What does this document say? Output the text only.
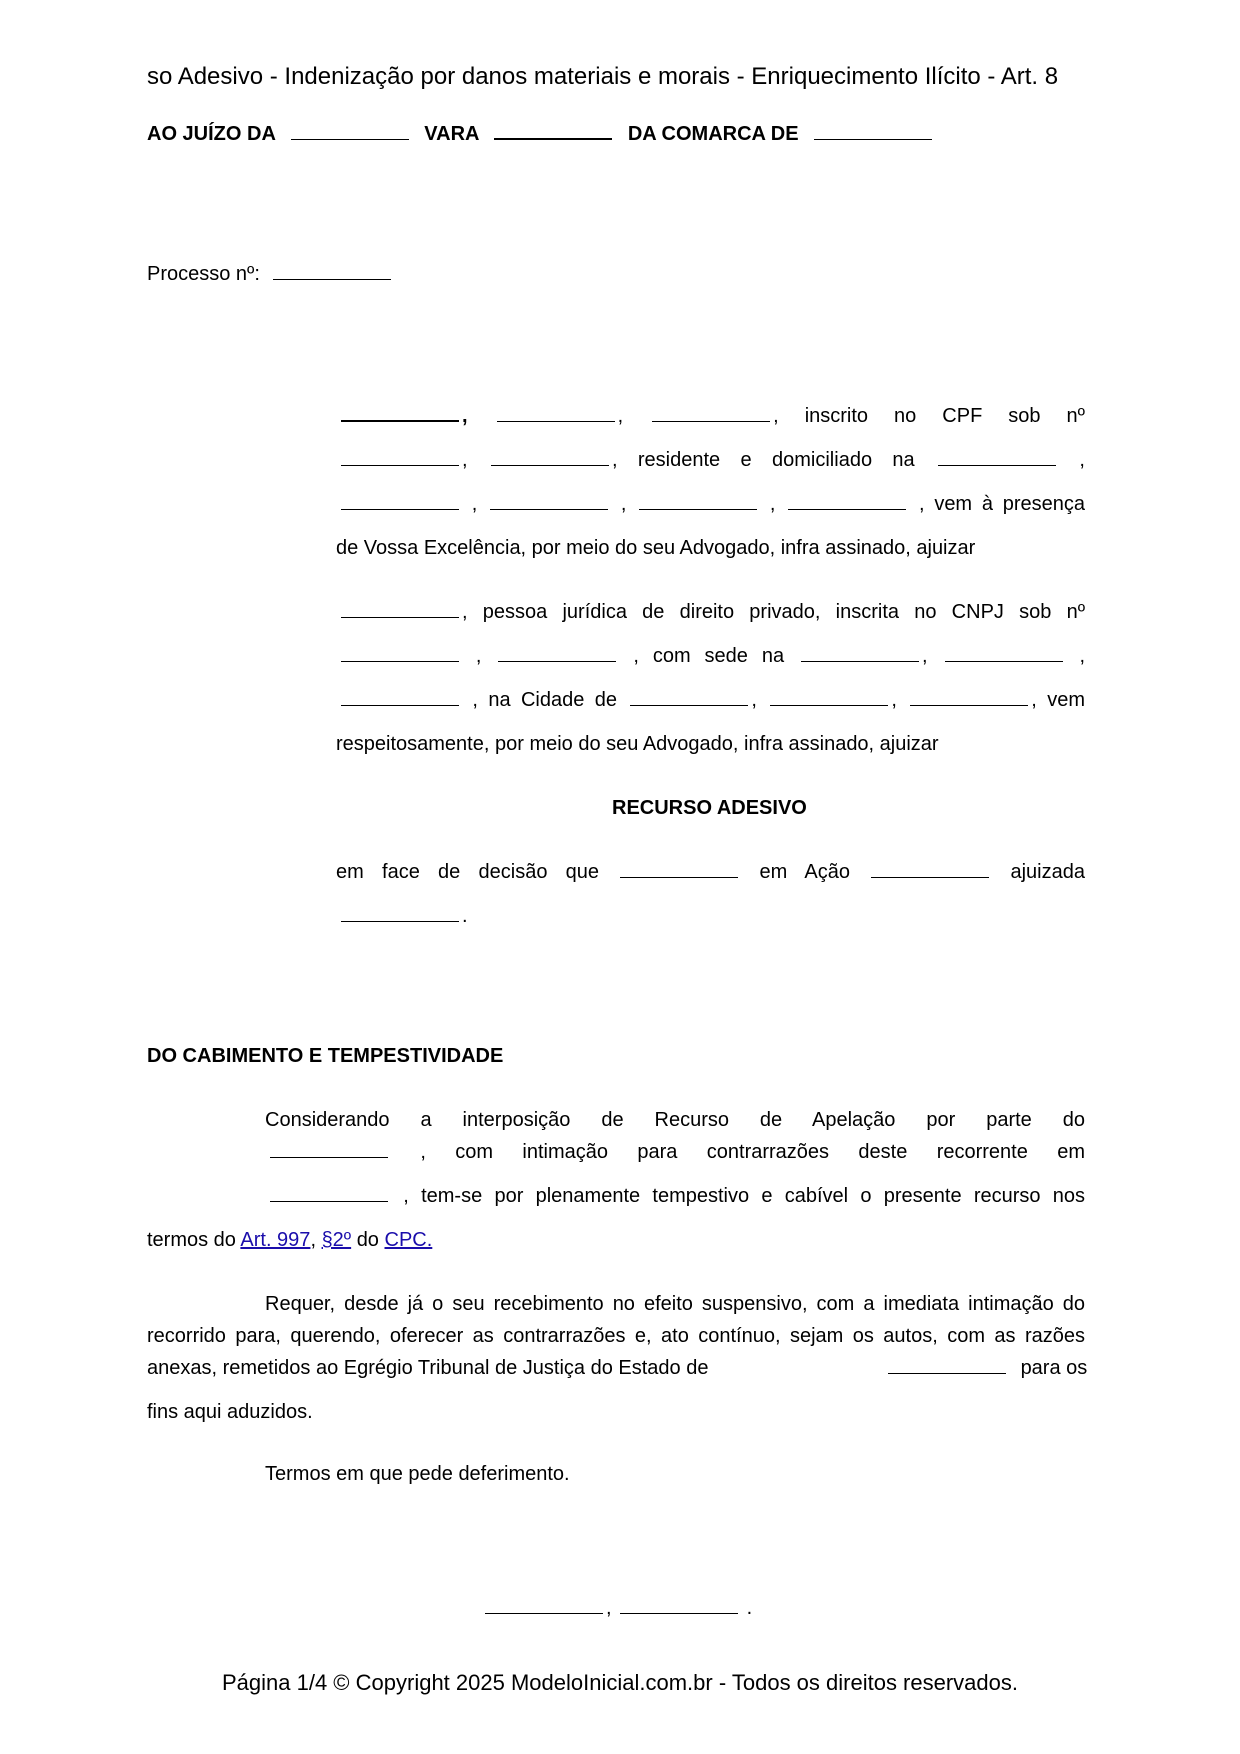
so Adesivo - Indenização por danos materiais e morais - Enriquecimento Ilícito - Art. 8
AO JUÍZO DA	VARA	DA COMARCA DE
Processo nº:
,	,	, inscrito no CPF sob nº
,	, residente e domiciliado na	,
,	,	,	, vem à presença
de Vossa Excelência, por meio do seu Advogado, infra assinado, ajuizar
, pessoa jurídica de direito privado, inscrita no CNPJ sob nº
,	, com sede na	,	,
, na Cidade de	,	,	, vem
respeitosamente, por meio do seu Advogado, infra assinado, ajuizar
RECURSO ADESIVO
em face de decisão que	em Ação	ajuizada
.
DO CABIMENTO E TEMPESTIVIDADE
Considerando a interposição de Recurso de Apelação por parte do
, com intimação para contrarrazões deste recorrente em
, tem-se por plenamente tempestivo e cabível o presente recurso nos
termos do Art. 997, §2º do CPC.
Requer, desde já o seu recebimento no efeito suspensivo, com a imediata intimação do
recorrido para, querendo, oferecer as contrarrazões e, ato contínuo, sejam os autos, com as razões
anexas, remetidos ao Egrégio Tribunal de Justiça do Estado de	para os
fins aqui aduzidos.
Termos em que pede deferimento.
,	.
Página 1/4 © Copyright 2025 ModeloInicial.com.br - Todos os direitos reservados.
